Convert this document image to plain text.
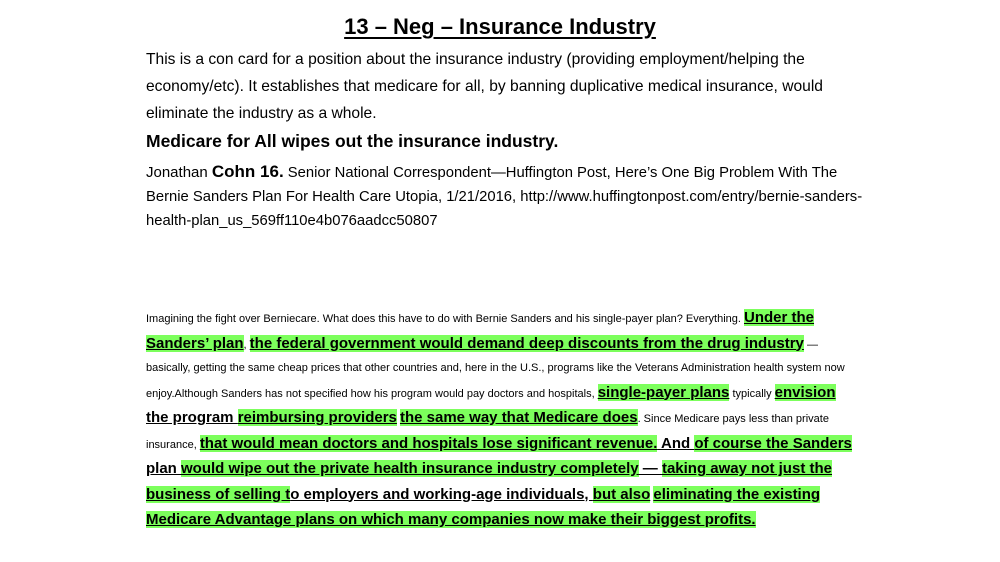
13 – Neg – Insurance Industry
This is a con card for a position about the insurance industry (providing employment/helping the economy/etc). It establishes that medicare for all, by banning duplicative medical insurance, would eliminate the industry as a whole.
Medicare for All wipes out the insurance industry.
Jonathan Cohn 16. Senior National Correspondent—Huffington Post, Here’s One Big Problem With The Bernie Sanders Plan For Health Care Utopia, 1/21/2016, http://www.huffingtonpost.com/entry/bernie-sanders-health-plan_us_569ff110e4b076aadcc50807
Imagining the fight over Berniecare. What does this have to do with Bernie Sanders and his single-payer plan? Everything. Under the Sanders’ plan, the federal government would demand deep discounts from the drug industry — basically, getting the same cheap prices that other countries and, here in the U.S., programs like the Veterans Administration health system now enjoy.Although Sanders has not specified how his program would pay doctors and hospitals, single-payer plans typically envision the program reimbursing providers the same way that Medicare does. Since Medicare pays less than private insurance, that would mean doctors and hospitals lose significant revenue. And of course the Sanders plan would wipe out the private health insurance industry completely — taking away not just the business of selling to employers and working-age individuals, but also eliminating the existing Medicare Advantage plans on which many companies now make their biggest profits.
